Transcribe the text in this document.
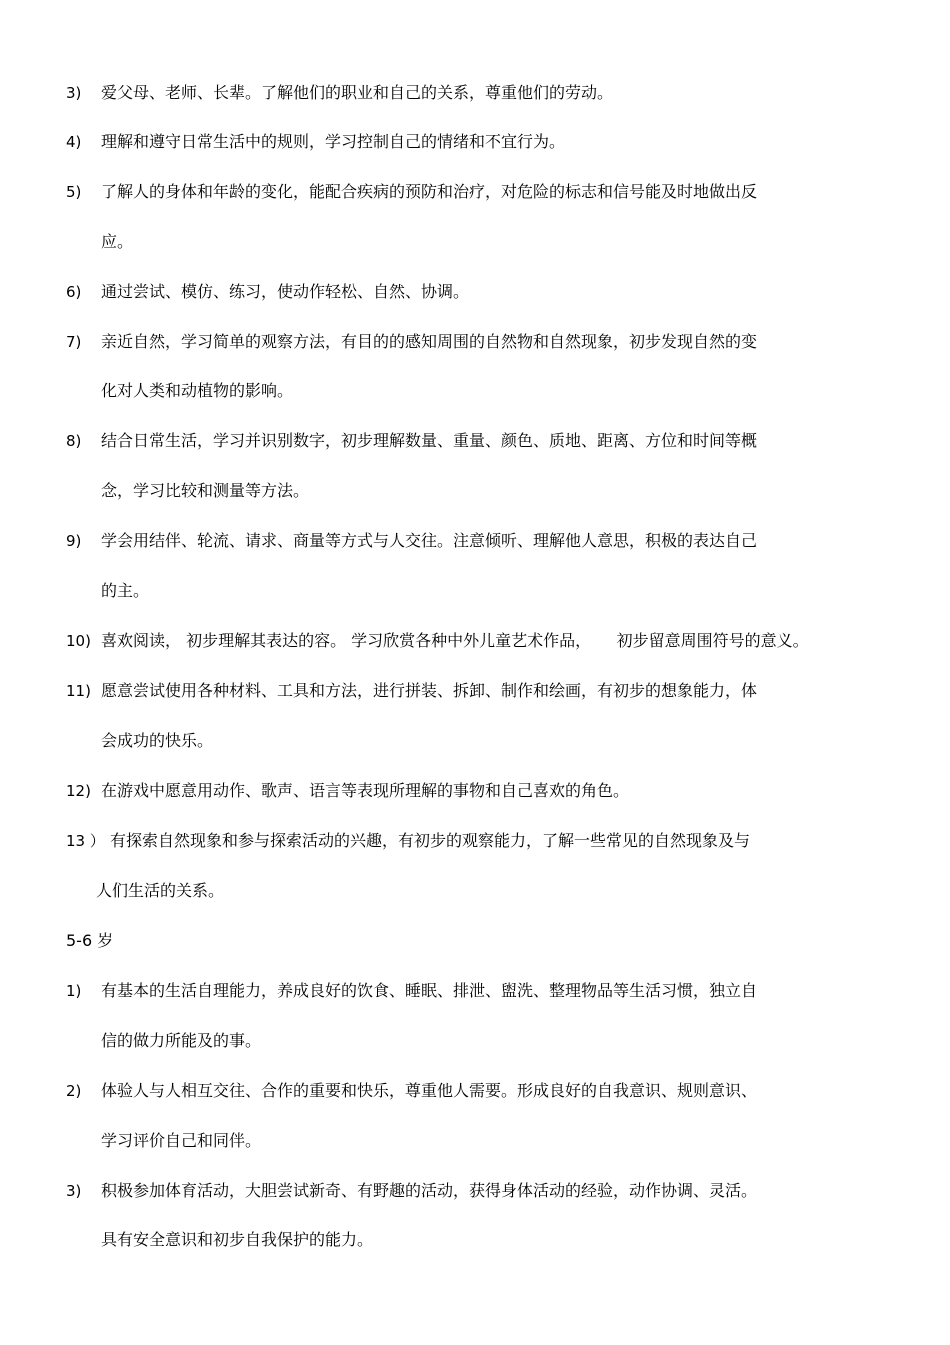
3) 爱父母、老师、长辈。了解他们的职业和自己的关系，尊重他们的劳动。
4) 理解和遵守日常生活中的规则，学习控制自己的情绪和不宜行为。
5) 了解人的身体和年龄的变化，能配合疾病的预防和治疗，对危险的标志和信号能及时地做出反
应。
6) 通过尝试、模仿、练习，使动作轻松、自然、协调。
7) 亲近自然，学习简单的观察方法，有目的的感知周围的自然物和自然现象，初步发现自然的变
化对人类和动植物的影响。
8) 结合日常生活，学习并识别数字，初步理解数量、重量、颜色、质地、距离、方位和时间等概
念，学习比较和测量等方法。
9) 学会用结伴、轮流、请求、商量等方式与人交往。注意倾听、理解他人意思，积极的表达自己
的主。
10) 喜欢阅读， 初步理解其表达的容。 学习欣赏各种中外儿童艺术作品，     初步留意周围符号的意义。
11) 愿意尝试使用各种材料、工具和方法，进行拼装、拆卸、制作和绘画，有初步的想象能力，体
会成功的快乐。
12) 在游戏中愿意用动作、歌声、语言等表现所理解的事物和自己喜欢的角色。
13 ） 有探索自然现象和参与探索活动的兴趣，有初步的观察能力，了解一些常见的自然现象及与
人们生活的关系。
5-6 岁
1) 有基本的生活自理能力，养成良好的饮食、睡眠、排泄、盥洗、整理物品等生活习惯，独立自
信的做力所能及的事。
2) 体验人与人相互交往、合作的重要和快乐，尊重他人需要。形成良好的自我意识、规则意识、
学习评价自己和同伴。
3) 积极参加体育活动，大胆尝试新奇、有野趣的活动，获得身体活动的经验，动作协调、灵活。
具有安全意识和初步自我保护的能力。
